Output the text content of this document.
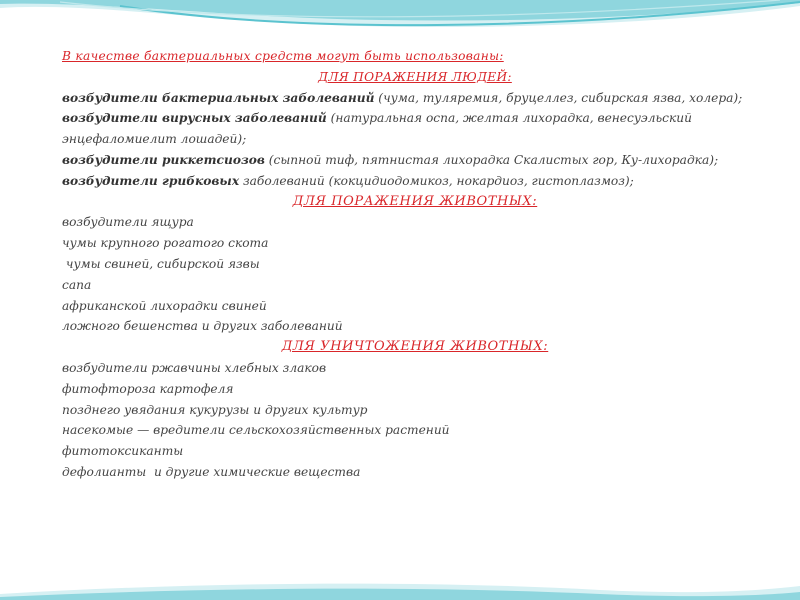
В качестве бактериальных средств могут быть использованы:
ДЛЯ ПОРАЖЕНИЯ ЛЮДЕЙ:
возбудители бактериальных заболеваний (чума, туляремия, бруцеллез, сибирская язва, холера);
возбудители вирусных заболеваний (натуральная оспа, желтая лихорадка, венесуэльский
энцефаломиелит лошадей);
возбудители риккетсиозов (сыпной тиф, пятнистая лихорадка Скалистых гор, Ку-лихорадка);
возбудители грибковых заболеваний (кокцидиодомикоз, нокардиоз, гистоплазмоз);
ДЛЯ ПОРАЖЕНИЯ ЖИВОТНЫХ:
возбудители ящура
чумы крупного рогатого скота
чумы свиней, сибирской язвы
сапа
африканской лихорадки свиней
ложного бешенства и других заболеваний
ДЛЯ УНИЧТОЖЕНИЯ ЖИВОТНЫХ:
возбудители ржавчины хлебных злаков
фитофтороза картофеля
позднего увядания кукурузы и других культур
насекомые — вредители сельскохозяйственных растений
фитотоксиканты
дефолианты  и другие химические вещества
